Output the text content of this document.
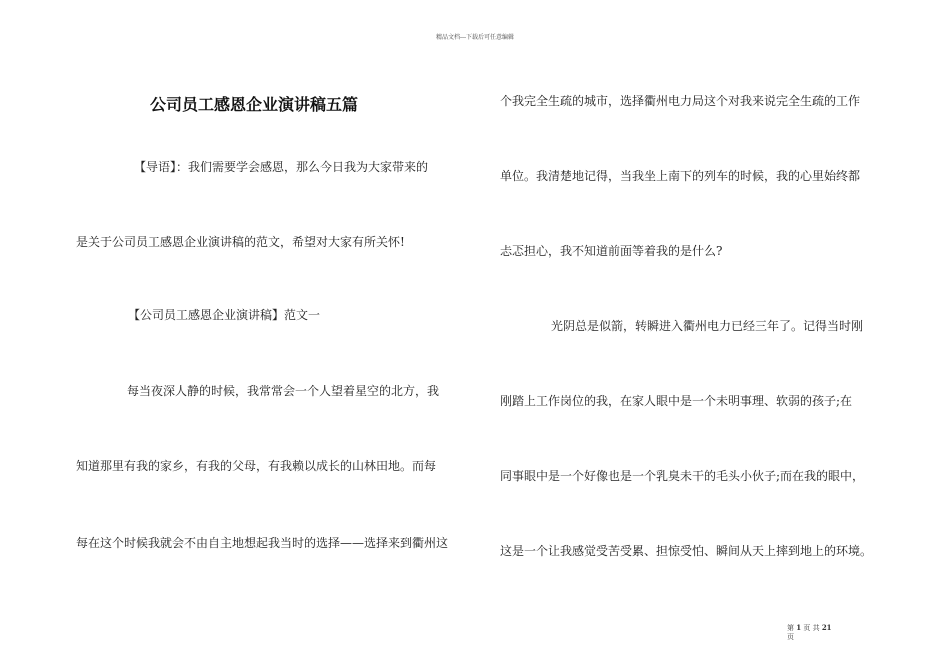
精品文档---下载后可任意编辑
公司员工感恩企业演讲稿五篇
【导语】：我们需要学会感恩，那么今日我为大家带来的
是关于公司员工感恩企业演讲稿的范文，希望对大家有所关怀!
【公司员工感恩企业演讲稿】范文一
每当夜深人静的时候，我常常会一个人望着星空的北方，我
知道那里有我的家乡，有我的父母，有我赖以成长的山林田地。而每
每在这个时候我就会不由自主地想起我当时的选择——选择来到衢州这
个我完全生疏的城市，选择衢州电力局这个对我来说完全生疏的工作
单位。我清楚地记得，当我坐上南下的列车的时候，我的心里始终都
忐忑担心，我不知道前面等着我的是什么?
光阴总是似箭，转瞬进入衢州电力已经三年了。记得当时刚
刚踏上工作岗位的我，在家人眼中是一个未明事理、软弱的孩子;在
同事眼中是一个好像也是一个乳臭未干的毛头小伙子;而在我的眼中，
这是一个让我感觉受苦受累、担惊受怕、瞬间从天上摔到地上的环境。
第 1 页 共 21
页
